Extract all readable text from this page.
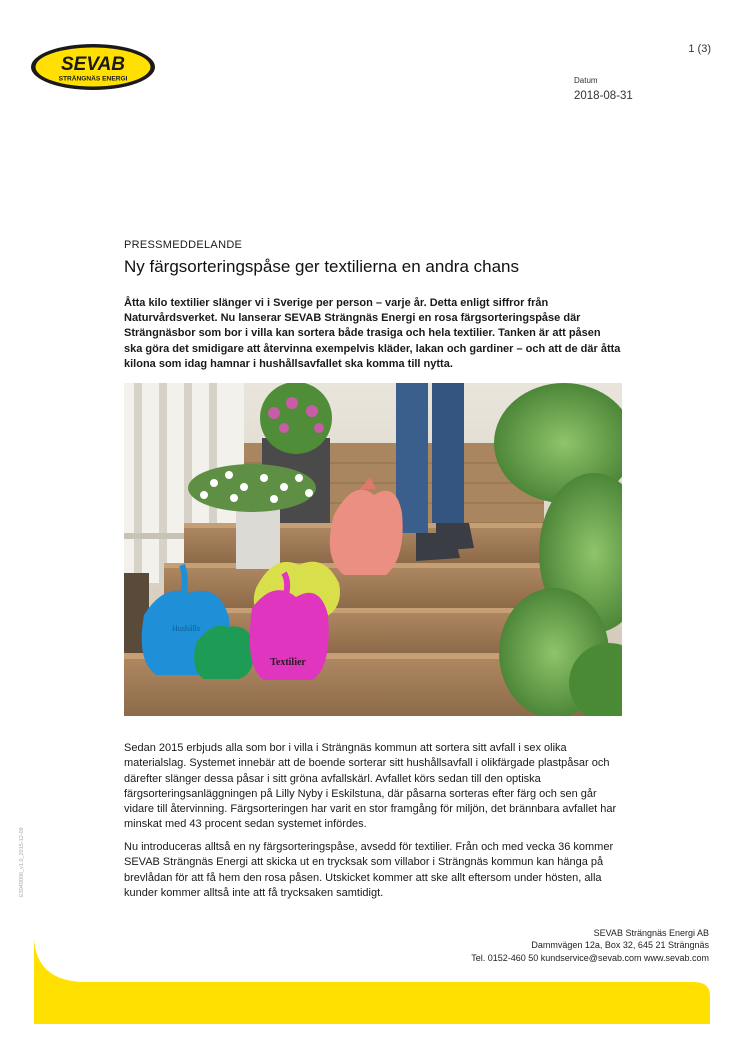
SEVAB
STRÄNGNÄS ENERGI
1 (3)
Datum
2018-08-31
PRESSMEDDELANDE
Ny färgsorteringspåse ger textilierna en andra chans

Åtta kilo textilier slänger vi i Sverige per person – varje år. Detta enligt siffror från Naturvårdsverket. Nu lanserar SEVAB Strängnäs Energi en rosa färgsorteringspåse där Strängnäsbor som bor i villa kan sortera både trasiga och hela textilier. Tanken är att påsen ska göra det smidigare att återvinna exempelvis kläder, lakan och gardiner – och att de där åtta kilona som idag hamnar i hushållsavfallet ska komma till nytta.

Hushålls
Textilier

Sedan 2015 erbjuds alla som bor i villa i Strängnäs kommun att sortera sitt avfall i sex olika materialslag. Systemet innebär att de boende sorterar sitt hushållsavfall i olikfärgade plastpåsar och därefter slänger dessa påsar i sitt gröna avfallskärl. Avfallet körs sedan till den optiska färgsorteringsanläggningen på Lilly Nyby i Eskilstuna, där påsarna sorteras efter färg och sen går vidare till återvinning. Färgsorteringen har varit en stor framgång för miljön, det brännbara avfallet har minskat med 43 procent sedan systemet infördes.

Nu introduceras alltså en ny färgsorteringspåse, avsedd för textilier. Från och med vecka 36 kommer SEVAB Strängnäs Energi att skicka ut en trycksak som villabor i Strängnäs kommun kan hänga på brevlådan för att få hem den rosa påsen. Utskicket kommer att ske allt eftersom under hösten, alla kunder kommer alltså inte att få trycksaken samtidigt.

E3049006_v1.0_2015-12-09
SEVAB Strängnäs Energi AB
Dammvägen 12a, Box 32, 645 21 Strängnäs
Tel. 0152-460 50 kundservice@sevab.com www.sevab.com
